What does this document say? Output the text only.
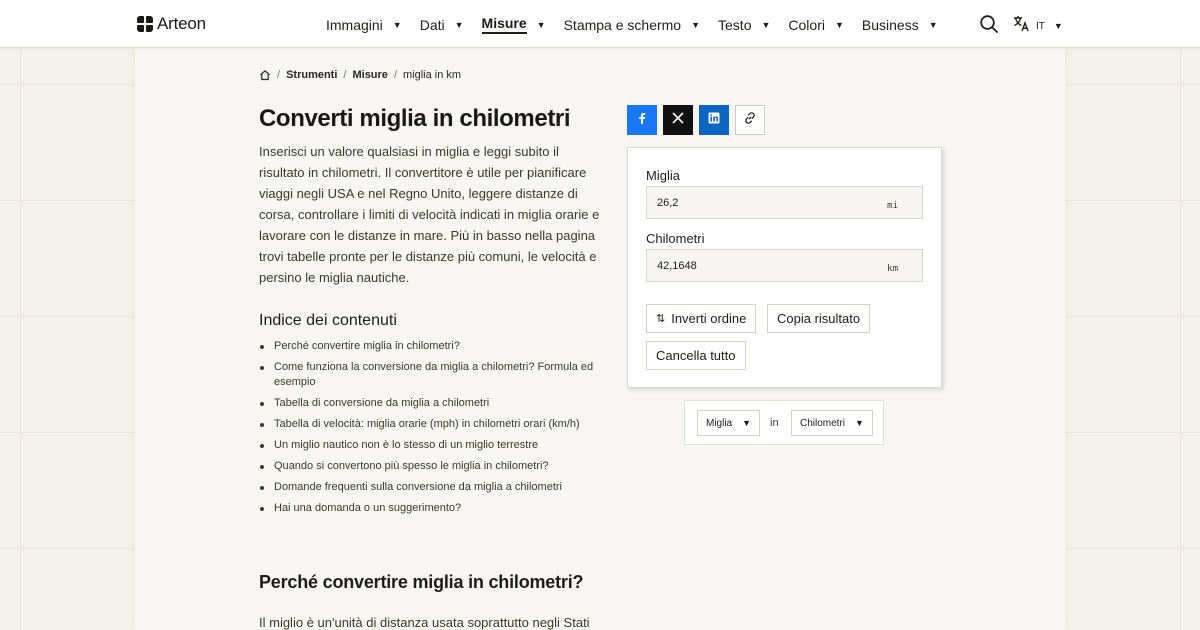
Arteon	Immagini ▼ Dati ▼ Misure ▼ Stampa e schermo ▼ Testo ▼ Colori ▼ Business ▼	IT ▼
/ Strumenti / Misure / miglia in km
Converti miglia in chilometri

Inserisci un valore qualsiasi in miglia e leggi subito il risultato in chilometri. Il convertitore è utile per pianificare viaggi negli USA e nel Regno Unito, leggere distanze di corsa, controllare i limiti di velocità indicati in miglia orarie e lavorare con le distanze in mare. Più in basso nella pagina trovi tabelle pronte per le distanze più comuni, le velocità e persino le miglia nautiche.

Indice dei contenuti
Perché convertire miglia in chilometri?
Come funziona la conversione da miglia a chilometri? Formula ed esempio
Tabella di conversione da miglia a chilometri
Tabella di velocità: miglia orarie (mph) in chilometri orari (km/h)
Un miglio nautico non è lo stesso di un miglio terrestre
Quando si convertono più spesso le miglia in chilometri?
Domande frequenti sulla conversione da miglia a chilometri
Hai una domanda o un suggerimento?
Perché convertire miglia in chilometri?

Il miglio è un'unità di distanza usata soprattutto negli Stati

Miglia
26,2
mi
Chilometri
42,1648
km
⇅ Inverti ordine Copia risultato
Cancella tutto
Miglia ▼ in Chilometri ▼
